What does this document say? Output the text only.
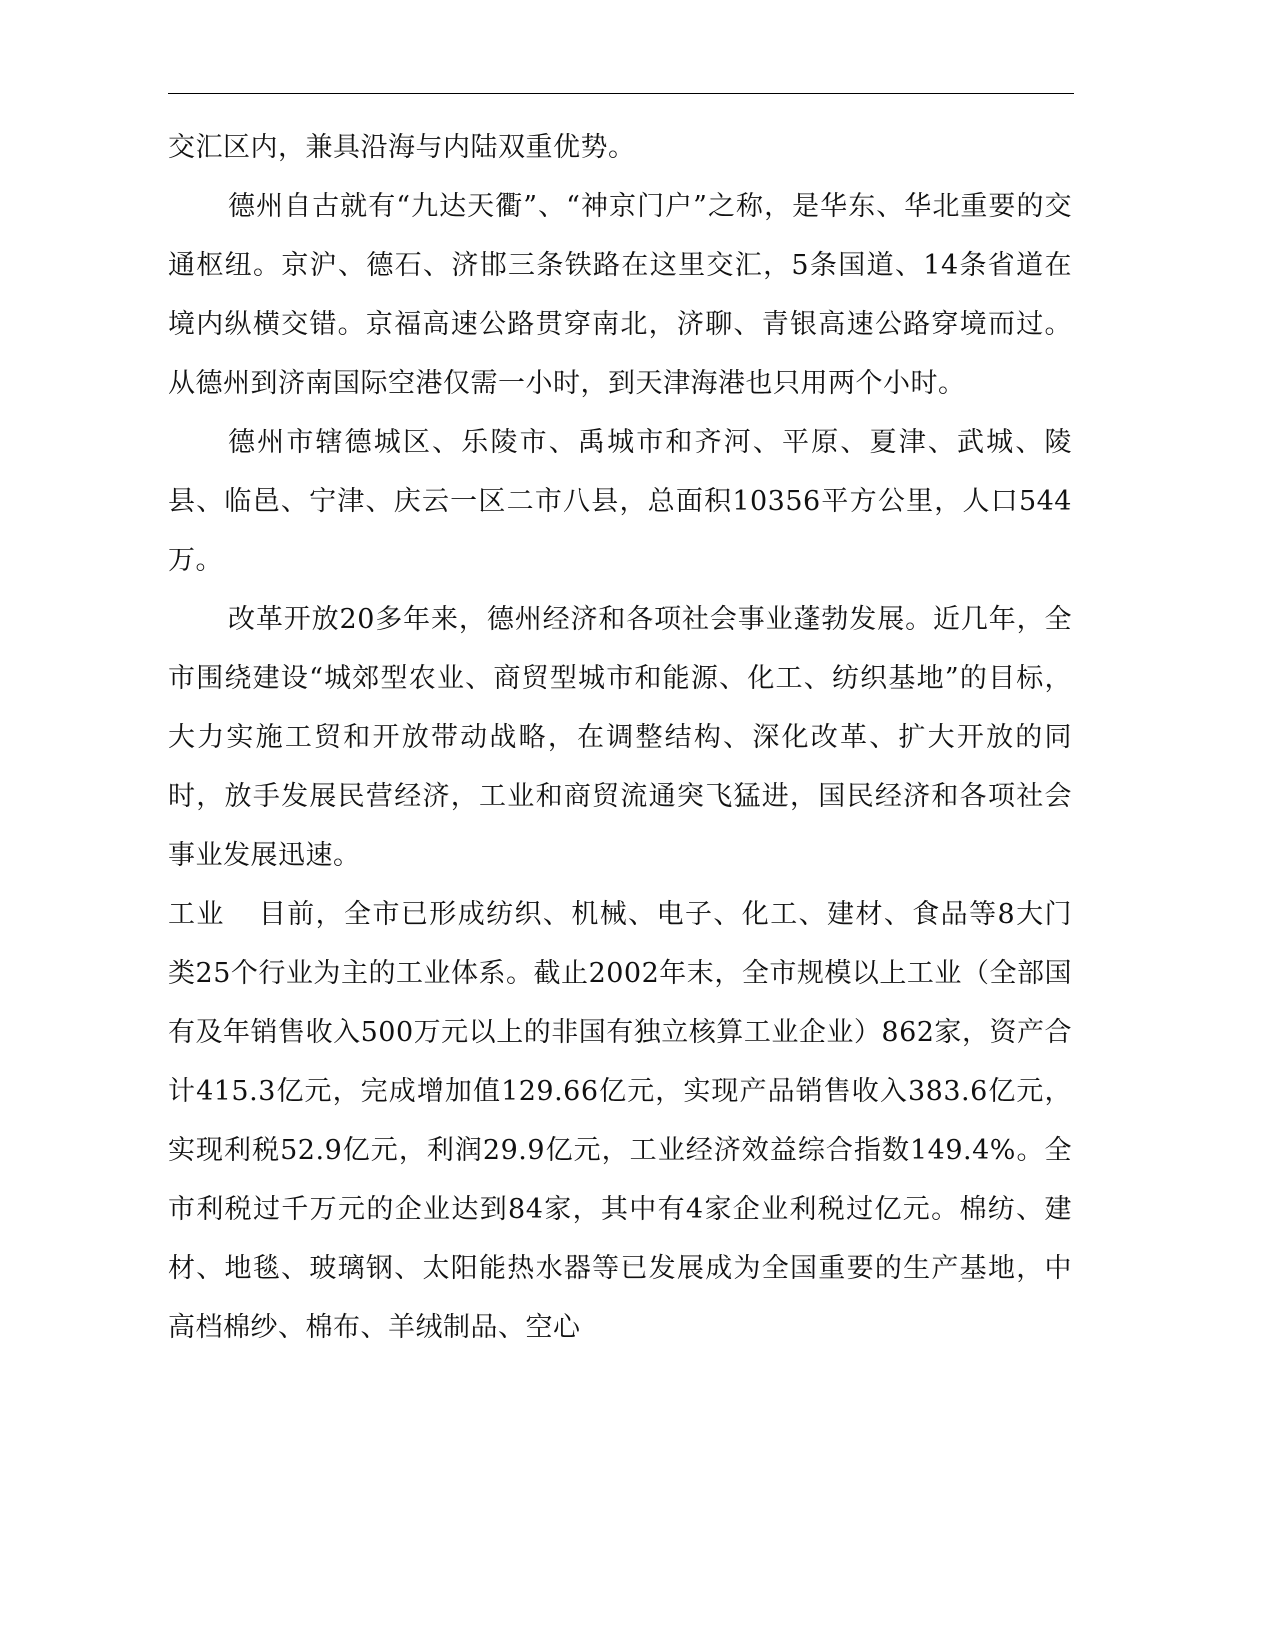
交汇区内，兼具沿海与内陆双重优势。

德州自古就有“九达天衢”、“神京门户”之称，是华东、华北重要的交通枢纽。京沪、德石、济邯三条铁路在这里交汇，5条国道、14条省道在境内纵横交错。京福高速公路贯穿南北，济聊、青银高速公路穿境而过。从德州到济南国际空港仅需一小时，到天津海港也只用两个小时。

德州市辖德城区、乐陵市、禹城市和齐河、平原、夏津、武城、陵县、临邑、宁津、庆云一区二市八县，总面积10356平方公里，人口544万。

改革开放20多年来，德州经济和各项社会事业蓬勃发展。近几年，全市围绕建设“城郊型农业、商贸型城市和能源、化工、纺织基地”的目标，大力实施工贸和开放带动战略，在调整结构、深化改革、扩大开放的同时，放手发展民营经济，工业和商贸流通突飞猛进，国民经济和各项社会事业发展迅速。

工业 目前，全市已形成纺织、机械、电子、化工、建材、食品等8大门类25个行业为主的工业体系。截止2002年末，全市规模以上工业（全部国有及年销售收入500万元以上的非国有独立核算工业企业）862家，资产合计415.3亿元，完成增加值129.66亿元，实现产品销售收入383.6亿元，实现利税52.9亿元，利润29.9亿元，工业经济效益综合指数149.4%。全市利税过千万元的企业达到84家，其中有4家企业利税过亿元。棉纺、建材、地毯、玻璃钢、太阳能热水器等已发展成为全国重要的生产基地，中高档棉纱、棉布、羊绒制品、空心
